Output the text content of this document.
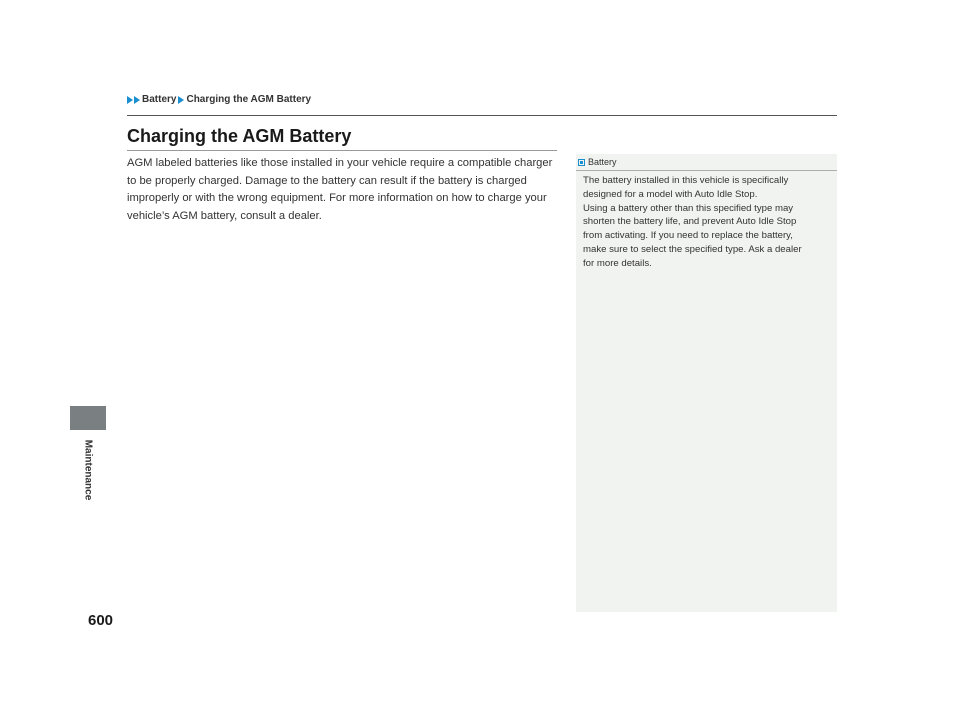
Battery Charging the AGM Battery
Charging the AGM Battery

AGM labeled batteries like those installed in your vehicle require a compatible charger to be properly charged. Damage to the battery can result if the battery is charged improperly or with the wrong equipment. For more information on how to charge your vehicle’s AGM battery, consult a dealer.

Battery

The battery installed in this vehicle is specifically
designed for a model with Auto Idle Stop.
Using a battery other than this specified type may
shorten the battery life, and prevent Auto Idle Stop
from activating. If you need to replace the battery,
make sure to select the specified type. Ask a dealer
for more details.

Maintenance
600
